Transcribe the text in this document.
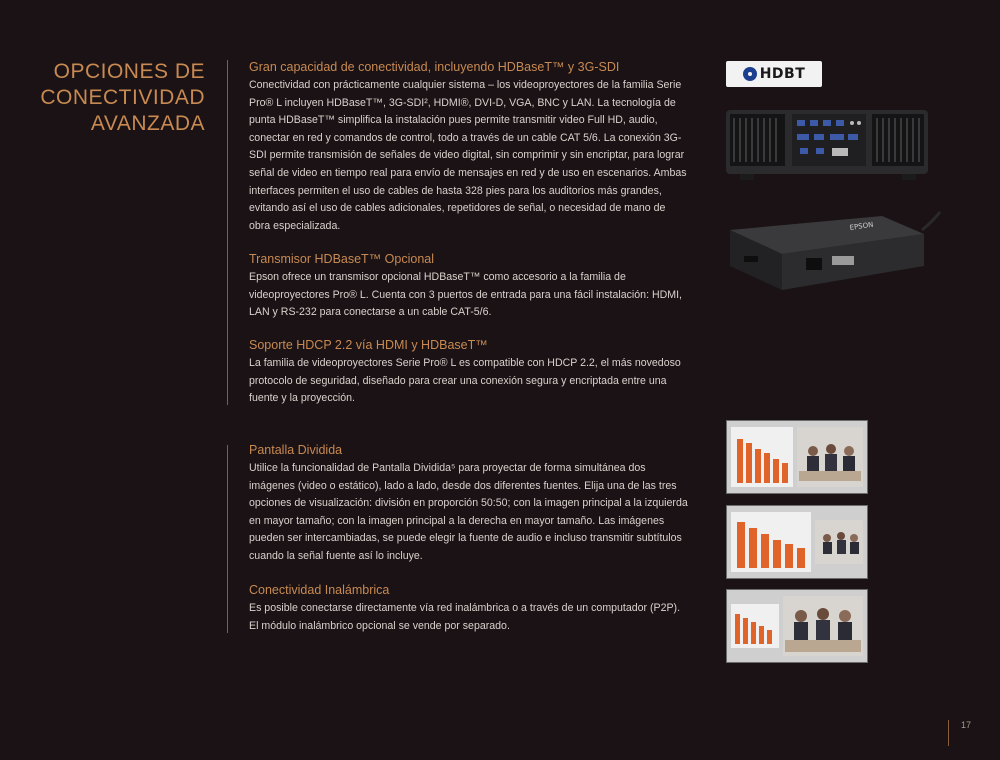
OPCIONES DE
CONECTIVIDAD
AVANZADA

Gran capacidad de conectividad, incluyendo HDBaseT™ y 3G-SDI

Conectividad con prácticamente cualquier sistema – los videoproyectores de la familia Serie Pro® L incluyen HDBaseT™, 3G-SDI², HDMI®, DVI-D, VGA, BNC y LAN. La tecnología de punta HDBaseT™ simplifica la instalación pues permite transmitir video Full HD, audio, conectar en red y comandos de control, todo a través de un cable CAT 5/6. La conexión 3G-SDI permite transmisión de señales de video digital, sin comprimir y sin encriptar, para lograr señal de video en tiempo real para envío de mensajes en red y de uso en escenarios. Ambas interfaces permiten el uso de cables de hasta 328 pies para los auditorios más grandes, evitando así el uso de cables adicionales, repetidores de señal, o necesidad de mano de obra especializada.

Transmisor HDBaseT™ Opcional

Epson ofrece un transmisor opcional HDBaseT™ como accesorio a la familia de videoproyectores Pro® L. Cuenta con 3 puertos de entrada para una fácil instalación: HDMI, LAN y RS-232 para conectarse a un cable CAT-5/6.

Soporte HDCP 2.2 vía HDMI y HDBaseT™

La familia de videoproyectores Serie Pro® L es compatible con HDCP 2.2, el más novedoso protocolo de seguridad, diseñado para crear una conexión segura y encriptada entre una fuente y la proyección.

Pantalla Dividida

Utilice la funcionalidad de Pantalla Dividida⁵ para proyectar de forma simultánea dos imágenes (video o estático), lado a lado, desde dos diferentes fuentes. Elija una de las tres opciones de visualización: división en proporción 50:50; con la imagen principal a la izquierda en mayor tamaño; con la imagen principal a la derecha en mayor tamaño. Las imágenes pueden ser intercambiadas, se puede elegir la fuente de audio e incluso transmitir subtítulos cuando la señal fuente así lo incluye.

Conectividad Inalámbrica

Es posible conectarse directamente vía red inalámbrica o a través de un computador (P2P). El módulo inalámbrico opcional se vende por separado.

HDBT
EPSON
17
